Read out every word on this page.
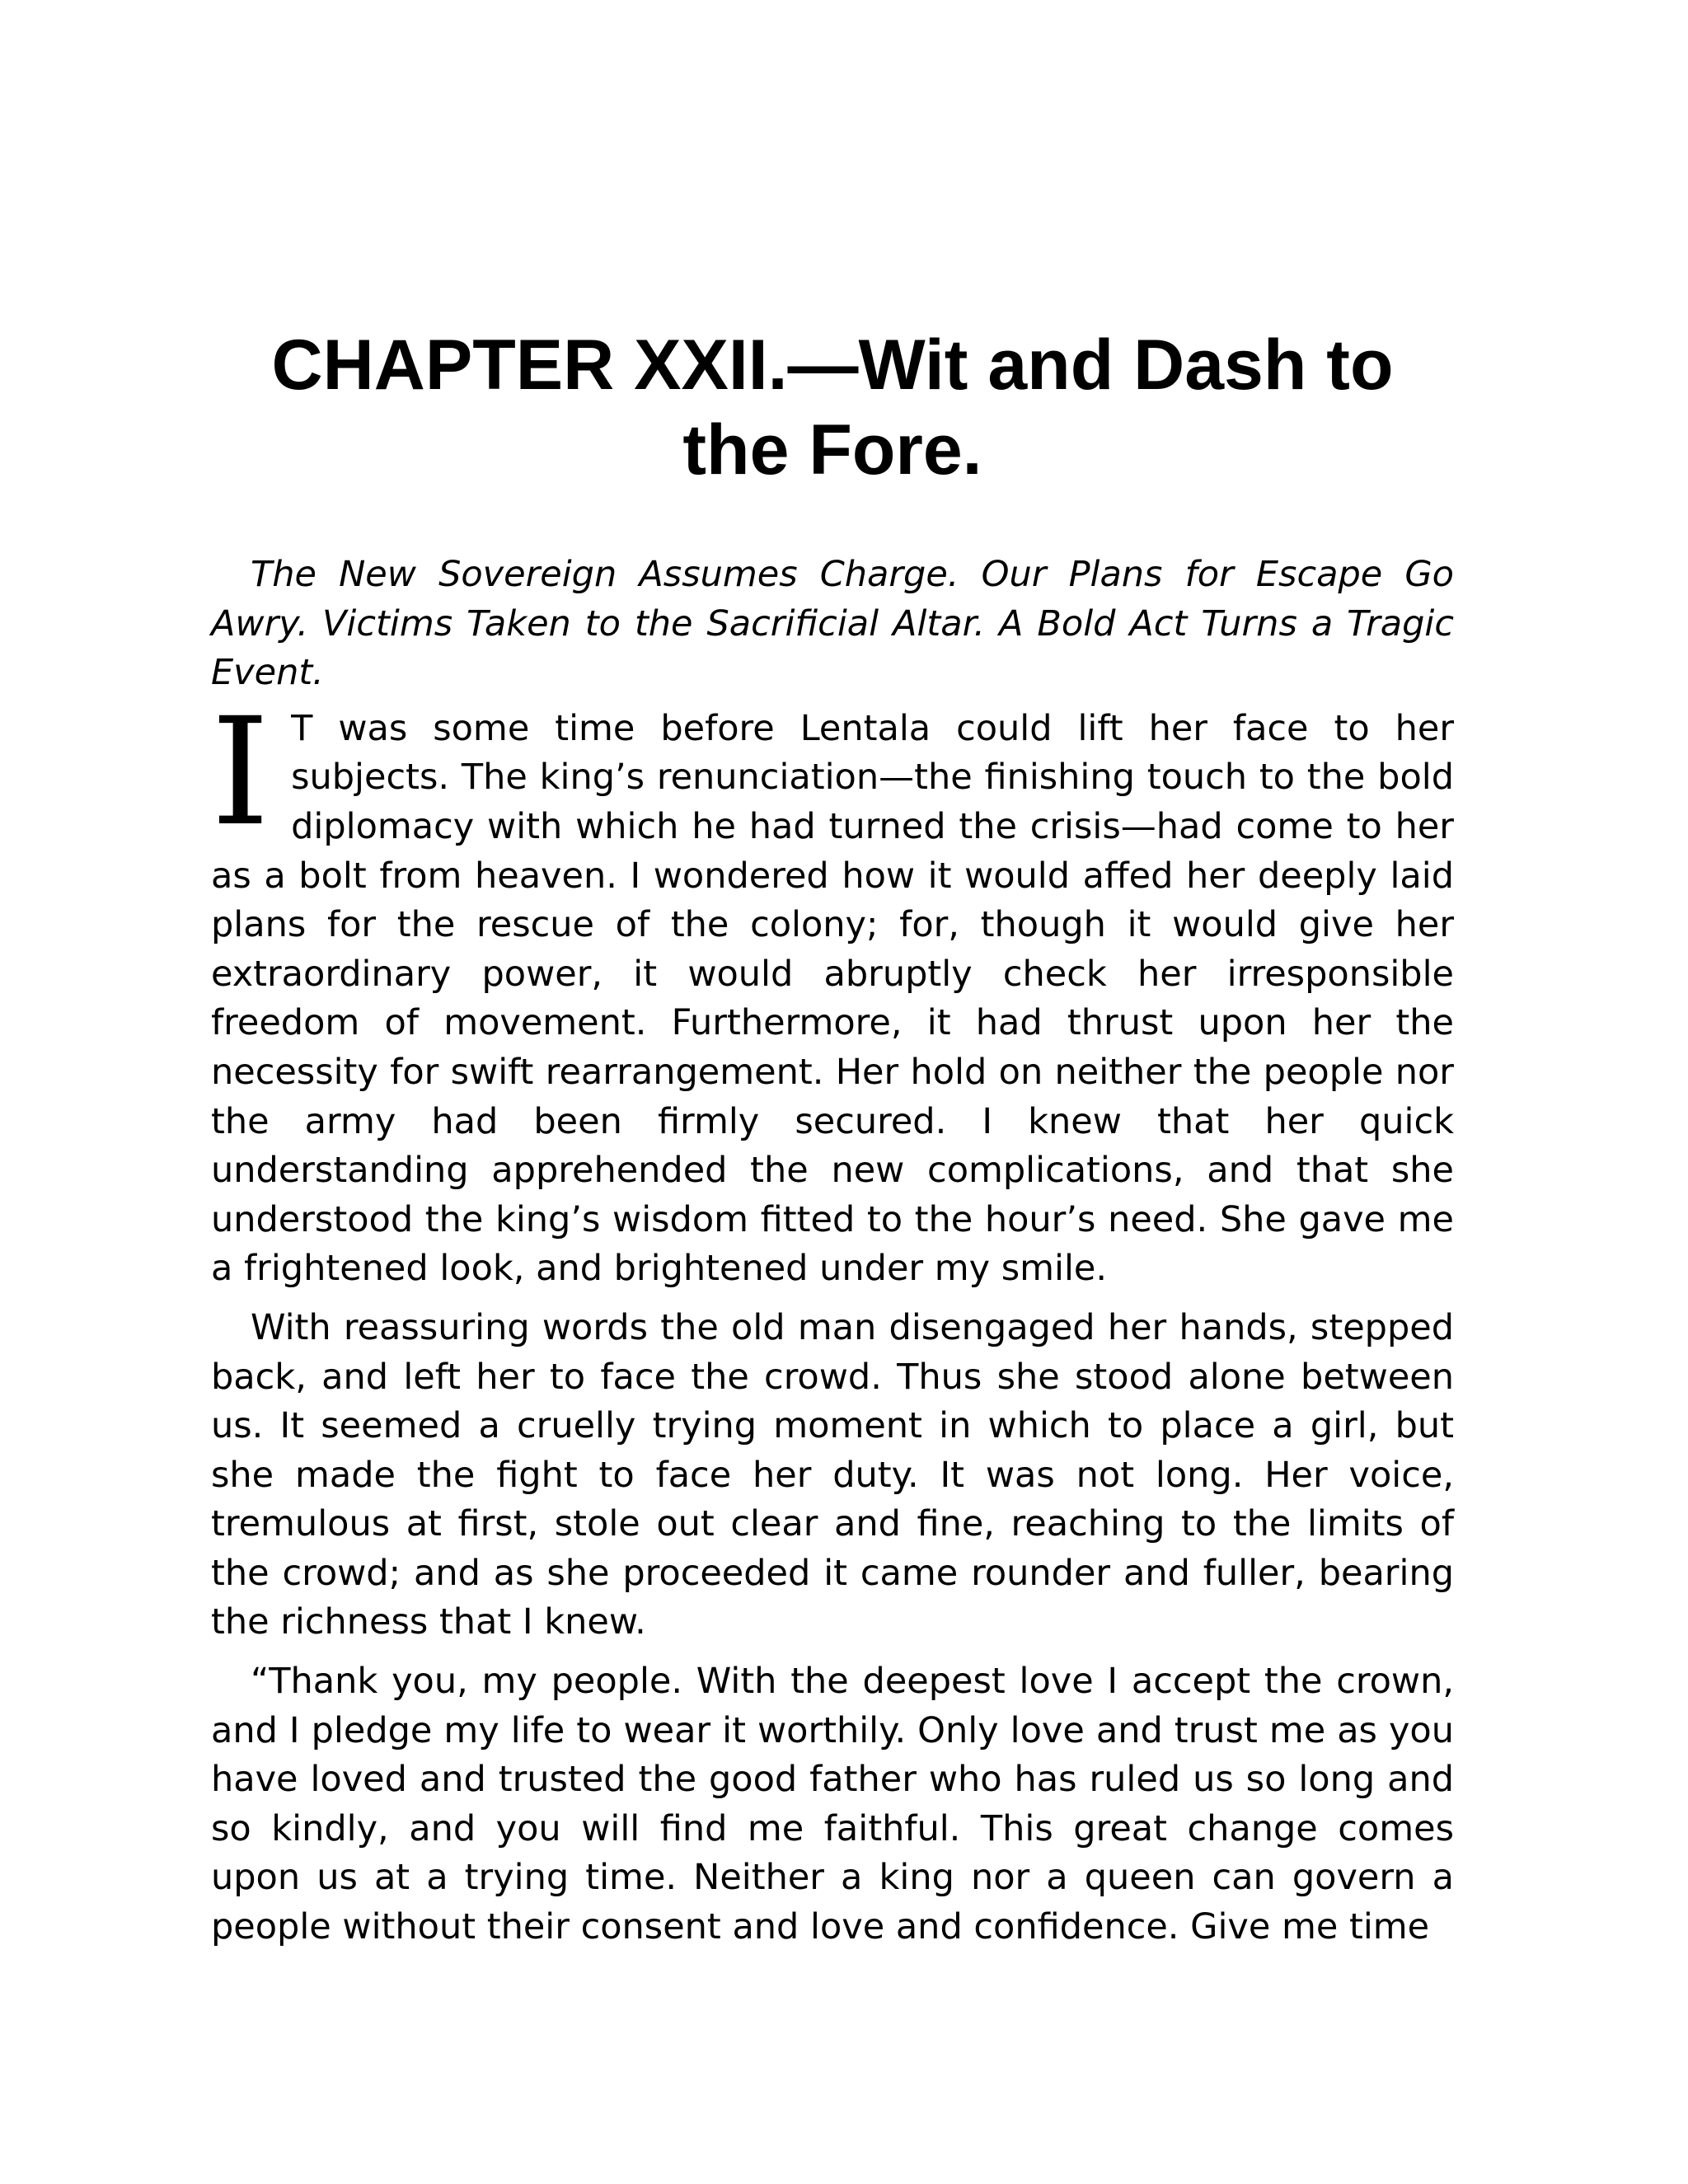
CHAPTER XXII.—Wit and Dash to the Fore.

The New Sovereign Assumes Charge. Our Plans for Escape Go Awry. Victims Taken to the Sacrificial Altar. A Bold Act Turns a Tragic Event.

I T was some time before Lentala could lift her face to her subjects. The king’s renunciation—the finishing touch to the bold diplomacy with which he had turned the crisis—had come to her as a bolt from heaven. I wondered how it would affed her deeply laid plans for the rescue of the colony; for, though it would give her extraordinary power, it would abruptly check her irresponsible freedom of movement. Furthermore, it had thrust upon her the necessity for swift rearrangement. Her hold on neither the people nor the army had been firmly secured. I knew that her quick understanding apprehended the new complications, and that she understood the king’s wisdom fitted to the hour’s need. She gave me a frightened look, and brightened under my smile.

With reassuring words the old man disengaged her hands, stepped back, and left her to face the crowd. Thus she stood alone between us. It seemed a cruelly trying moment in which to place a girl, but she made the fight to face her duty. It was not long. Her voice, tremulous at first, stole out clear and fine, reaching to the limits of the crowd; and as she proceeded it came rounder and fuller, bearing the richness that I knew.

“Thank you, my people. With the deepest love I accept the crown, and I pledge my life to wear it worthily. Only love and trust me as you have loved and trusted the good father who has ruled us so long and so kindly, and you will find me faithful. This great change comes upon us at a trying time. Neither a king nor a queen can govern a people without their consent and love and confidence. Give me time
